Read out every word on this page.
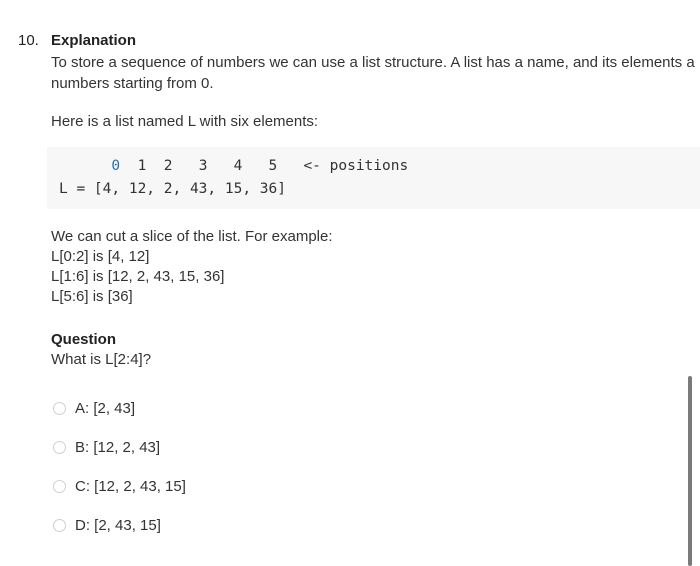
10. Explanation

To store a sequence of numbers we can use a list structure. A list has a name, and its elements a
numbers starting from 0.

Here is a list named L with six elements:

0  1  2   3   4   5   <- positions
L = [4, 12, 2, 43, 15, 36]
We can cut a slice of the list. For example:
L[0:2] is [4, 12]
L[1:6] is [12, 2, 43, 15, 36]
L[5:6] is [36]
Question
What is L[2:4]?
A: [2, 43]
B: [12, 2, 43]
C: [12, 2, 43, 15]
D: [2, 43, 15]
